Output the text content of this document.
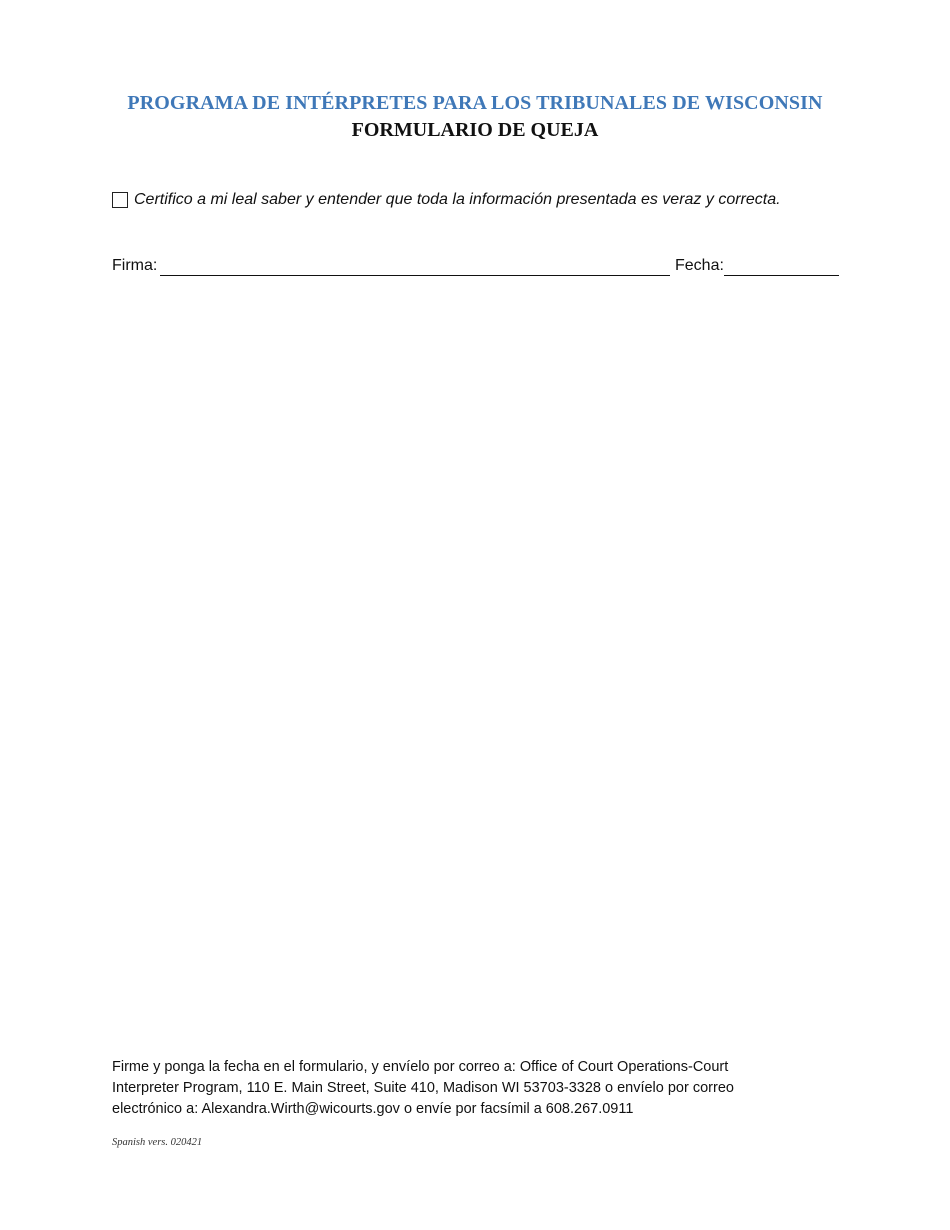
PROGRAMA DE INTÉRPRETES PARA LOS TRIBUNALES DE WISCONSIN
FORMULARIO DE QUEJA
Certifico a mi leal saber y entender que toda la información presentada es veraz y correcta.
Firma:	Fecha:
Firme y ponga la fecha en el formulario, y envíelo por correo a: Office of Court Operations-Court
Interpreter Program, 110 E. Main Street, Suite 410, Madison WI 53703-3328 o envíelo por correo
electrónico a: Alexandra.Wirth@wicourts.gov o envíe por facsímil a 608.267.0911
Spanish vers. 020421
